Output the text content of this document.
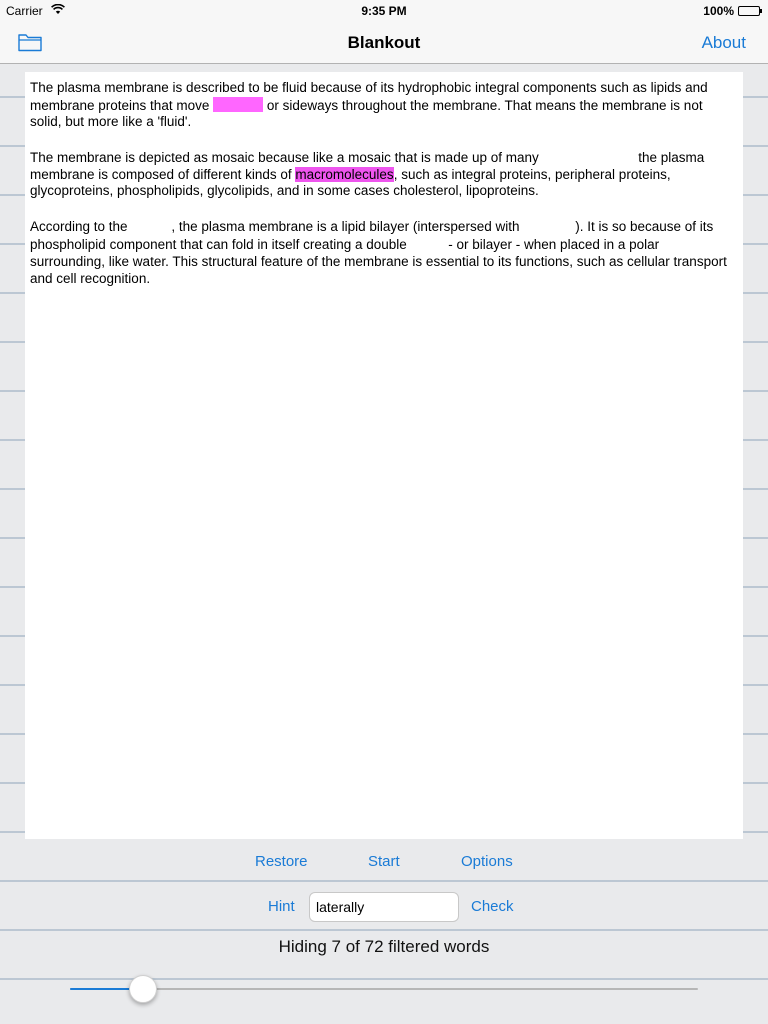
Carrier	9:35 PM	100%
Blankout	About

The plasma membrane is described to be fluid because of its hydrophobic integral components such as lipids and membrane proteins that move	or sideways throughout the membrane. That means the membrane is not solid, but more like a 'fluid'.

The membrane is depicted as mosaic because like a mosaic that is made up of many	the plasma membrane is composed of different kinds of macromolecules, such as integral proteins, peripheral proteins, glycoproteins, phospholipids, glycolipids, and in some cases cholesterol, lipoproteins.

According to the	, the plasma membrane is a lipid bilayer (interspersed with	). It is so because of its phospholipid component that can fold in itself creating a double	- or bilayer - when placed in a polar surrounding, like water. This structural feature of the membrane is essential to its functions, such as cellular transport and cell recognition.

Restore	Start	Options
Hint
laterally	Check
Hiding 7 of 72 filtered words
